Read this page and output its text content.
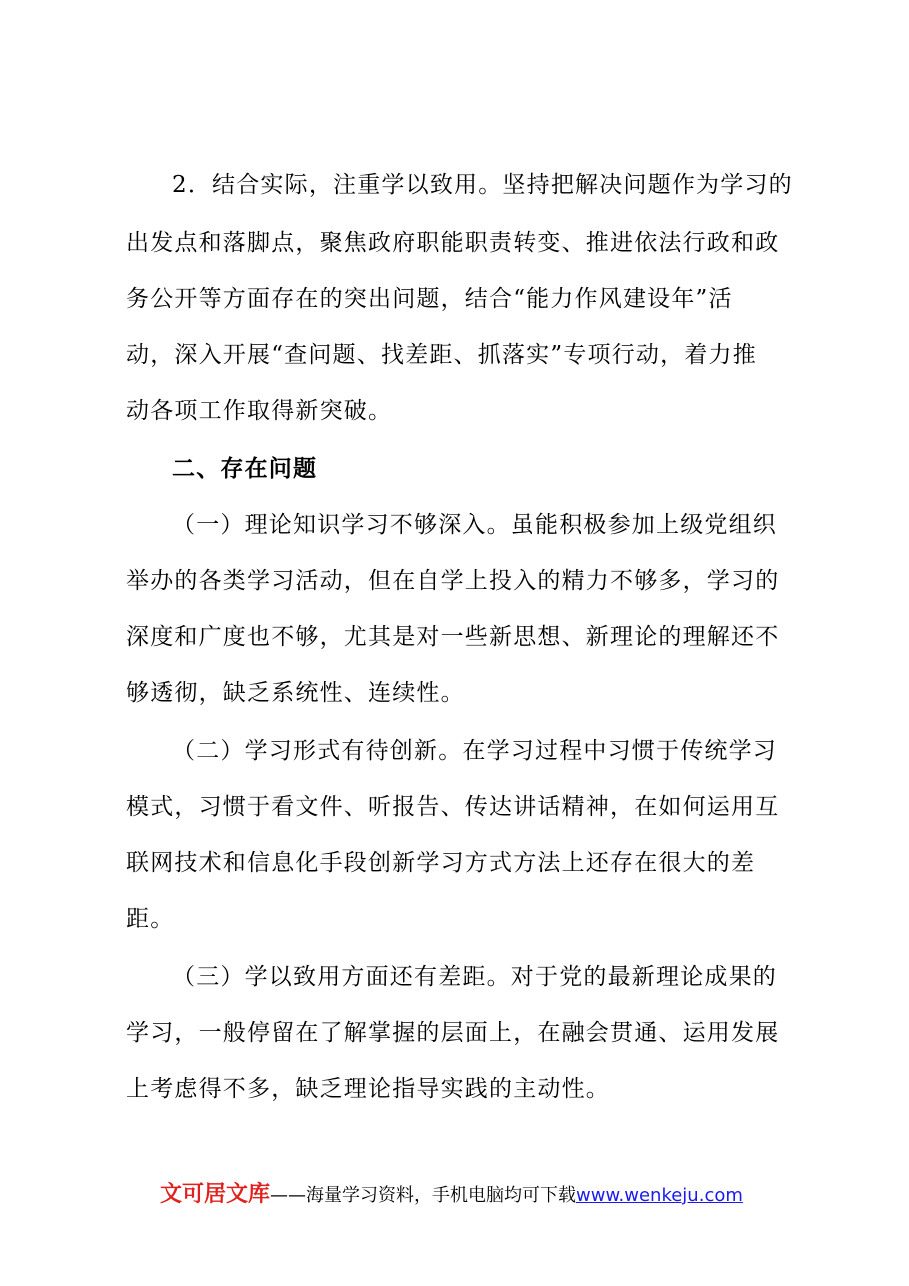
2．结合实际，注重学以致用。坚持把解决问题作为学习的
出发点和落脚点，聚焦政府职能职责转变、推进依法行政和政
务公开等方面存在的突出问题，结合“能力作风建设年”活
动，深入开展“查问题、找差距、抓落实”专项行动，着力推
动各项工作取得新突破。
二、存在问题
（一）理论知识学习不够深入。虽能积极参加上级党组织
举办的各类学习活动，但在自学上投入的精力不够多，学习的
深度和广度也不够，尤其是对一些新思想、新理论的理解还不
够透彻，缺乏系统性、连续性。
（二）学习形式有待创新。在学习过程中习惯于传统学习
模式，习惯于看文件、听报告、传达讲话精神，在如何运用互
联网技术和信息化手段创新学习方式方法上还存在很大的差
距。
（三）学以致用方面还有差距。对于党的最新理论成果的
学习，一般停留在了解掌握的层面上，在融会贯通、运用发展
上考虑得不多，缺乏理论指导实践的主动性。
文可居文库——海量学习资料，手机电脑均可下载www.wenkeju.com
